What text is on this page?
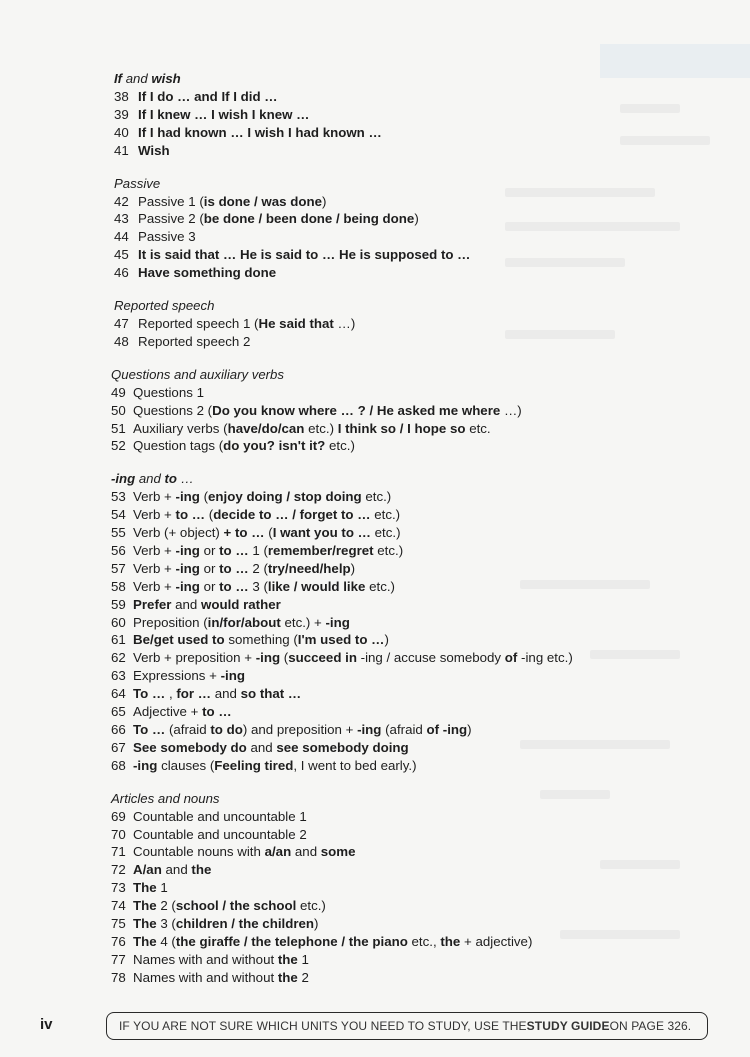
If and wish
38 If I do … and If I did …
39 If I knew … I wish I knew …
40 If I had known … I wish I had known …
41 Wish
Passive
42 Passive 1 (is done / was done)
43 Passive 2 (be done / been done / being done)
44 Passive 3
45 It is said that … He is said to … He is supposed to …
46 Have something done
Reported speech
47 Reported speech 1 (He said that …)
48 Reported speech 2
Questions and auxiliary verbs
49 Questions 1
50 Questions 2 (Do you know where … ? / He asked me where …)
51 Auxiliary verbs (have/do/can etc.) I think so / I hope so etc.
52 Question tags (do you? isn't it? etc.)
-ing and to …
53 Verb + -ing (enjoy doing / stop doing etc.)
54 Verb + to … (decide to … / forget to … etc.)
55 Verb (+ object) + to … (I want you to … etc.)
56 Verb + -ing or to … 1 (remember/regret etc.)
57 Verb + -ing or to … 2 (try/need/help)
58 Verb + -ing or to … 3 (like / would like etc.)
59 Prefer and would rather
60 Preposition (in/for/about etc.) + -ing
61 Be/get used to something (I'm used to …)
62 Verb + preposition + -ing (succeed in -ing / accuse somebody of -ing etc.)
63 Expressions + -ing
64 To … , for … and so that …
65 Adjective + to …
66 To … (afraid to do) and preposition + -ing (afraid of -ing)
67 See somebody do and see somebody doing
68 -ing clauses (Feeling tired, I went to bed early.)
Articles and nouns
69 Countable and uncountable 1
70 Countable and uncountable 2
71 Countable nouns with a/an and some
72 A/an and the
73 The 1
74 The 2 (school / the school etc.)
75 The 3 (children / the children)
76 The 4 (the giraffe / the telephone / the piano etc., the + adjective)
77 Names with and without the 1
78 Names with and without the 2
iv	IF YOU ARE NOT SURE WHICH UNITS YOU NEED TO STUDY, USE THE STUDY GUIDE ON PAGE 326.
